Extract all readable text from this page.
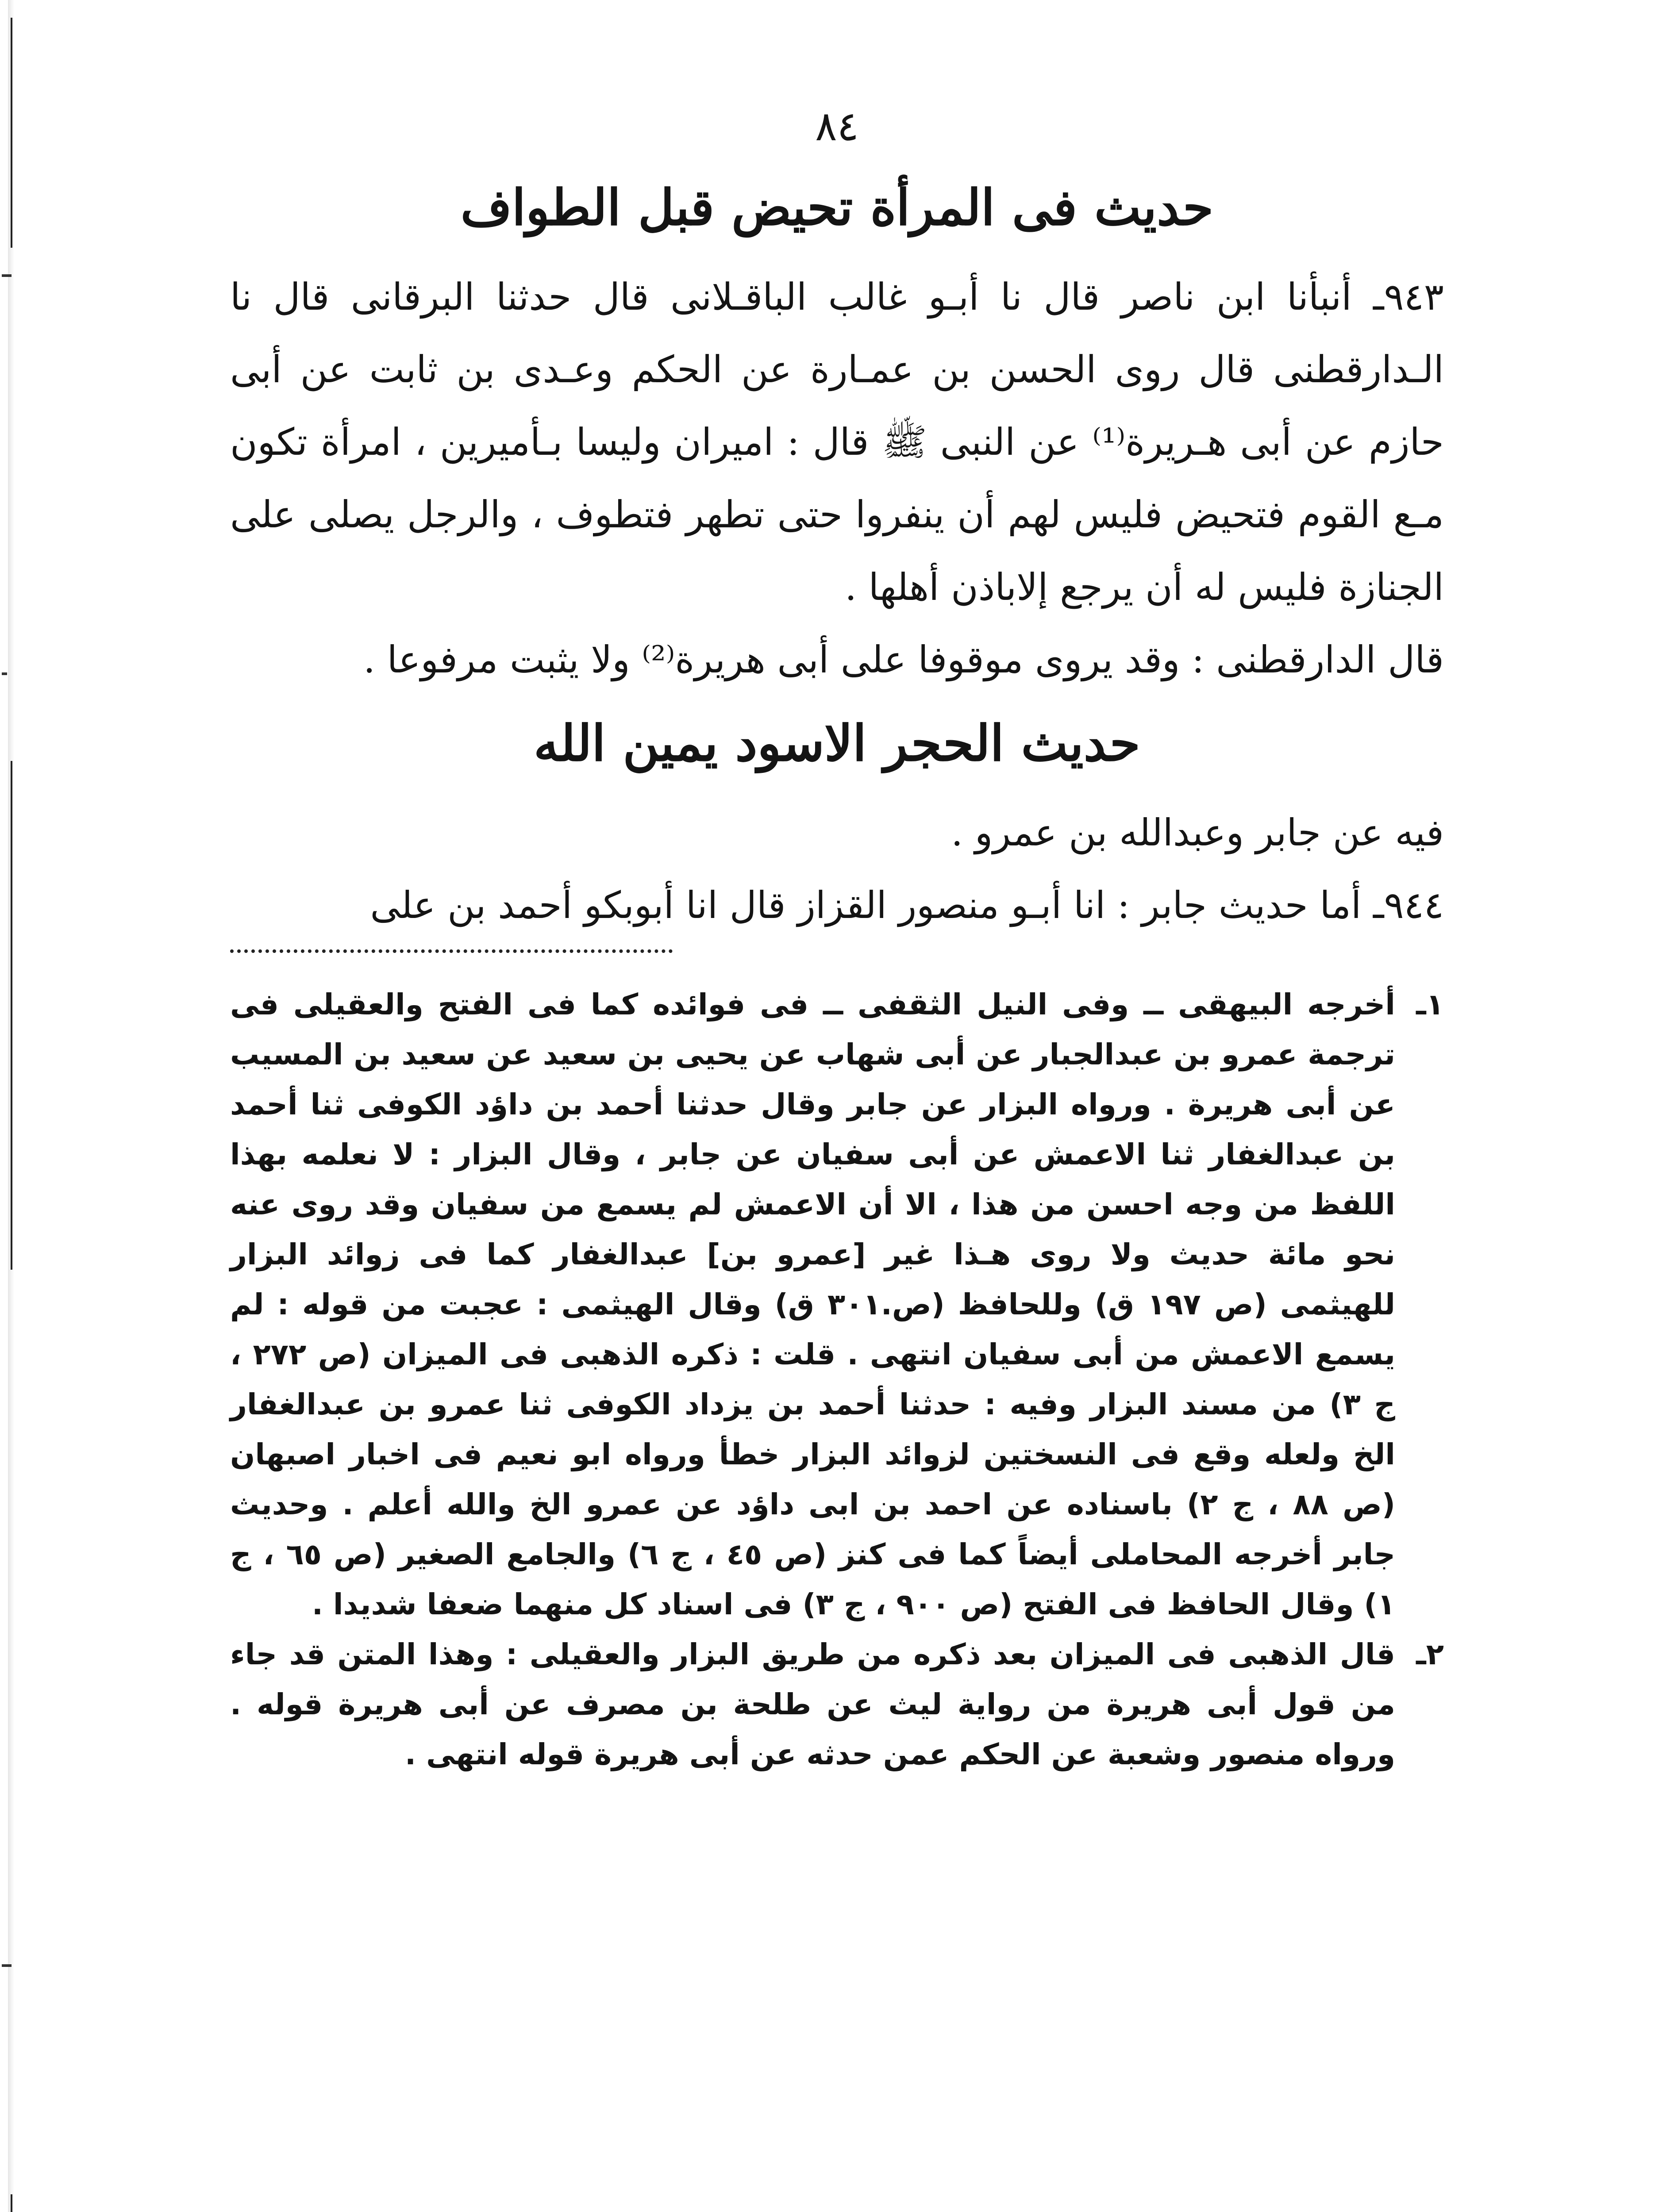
٨٤
حديث فى المرأة تحيض قبل الطواف

٩٤٣ـ أنبأنا ابن ناصر قال نا أبـو غالب الباقـلانى قال حدثنا البرقانى قال نا الـدارقطنى قال روى الحسن بن عمـارة عن الحكم وعـدى بن ثابت عن أبى حازم عن أبى هـريرة⁽¹⁾ عن النبى ﷺ قال : اميران وليسا بـأميرين ، امرأة تكون مـع القوم فتحيض فليس لهم أن ينفروا حتى تطهر فتطوف ، والرجل يصلى على الجنازة فليس له أن يرجع إلاباذن أهلها .

قال الدارقطنى : وقد يروى موقوفا على أبى هريرة⁽²⁾ ولا يثبت مرفوعا .

حديث الحجر الاسود يمين الله

فيه عن جابر وعبدالله بن عمرو .

٩٤٤ـ أما حديث جابر : انا أبـو منصور القزاز قال انا أبوبكو أحمد بن على

١ـ
أخرجه البيهقى ــ وفى النيل الثقفى ــ فى فوائده كما فى الفتح والعقيلى فى ترجمة عمرو بن عبدالجبار عن أبى شهاب عن يحيى بن سعيد عن سعيد بن المسيب عن أبى هريرة . ورواه البزار عن جابر وقال حدثنا أحمد بن داؤد الكوفى ثنا أحمد بن عبدالغفار ثنا الاعمش عن أبى سفيان عن جابر ، وقال البزار : لا نعلمه بهذا اللفظ من وجه احسن من هذا ، الا أن الاعمش لم يسمع من سفيان وقد روى عنه نحو مائة حديث ولا روى هـذا غير [عمرو بن] عبدالغفار كما فى زوائد البزار للهيثمى (ص ١٩٧ ق) وللحافظ (ص.٣٠١ ق) وقال الهيثمى : عجبت من قوله : لم يسمع الاعمش من أبى سفيان انتهى . قلت : ذكره الذهبى فى الميزان (ص ٢٧٢ ، ج ٣) من مسند البزار وفيه : حدثنا أحمد بن يزداد الكوفى ثنا عمرو بن عبدالغفار الخ ولعله وقع فى النسختين لزوائد البزار خطأ ورواه ابو نعيم فى اخبار اصبهان (ص ٨٨ ، ج ٢) باسناده عن احمد بن ابى داؤد عن عمرو الخ والله أعلم . وحديث جابر أخرجه المحاملى أيضاً كما فى كنز (ص ٤٥ ، ج ٦) والجامع الصغير (ص ٦٥ ، ج ١) وقال الحافظ فى الفتح (ص ٩٠٠ ، ج ٣) فى اسناد كل منهما ضعفا شديدا .
٢ـ
قال الذهبى فى الميزان بعد ذكره من طريق البزار والعقيلى : وهذا المتن قد جاء من قول أبى هريرة من رواية ليث عن طلحة بن مصرف عن أبى هريرة قوله . ورواه منصور وشعبة عن الحكم عمن حدثه عن أبى هريرة قوله انتهى .
